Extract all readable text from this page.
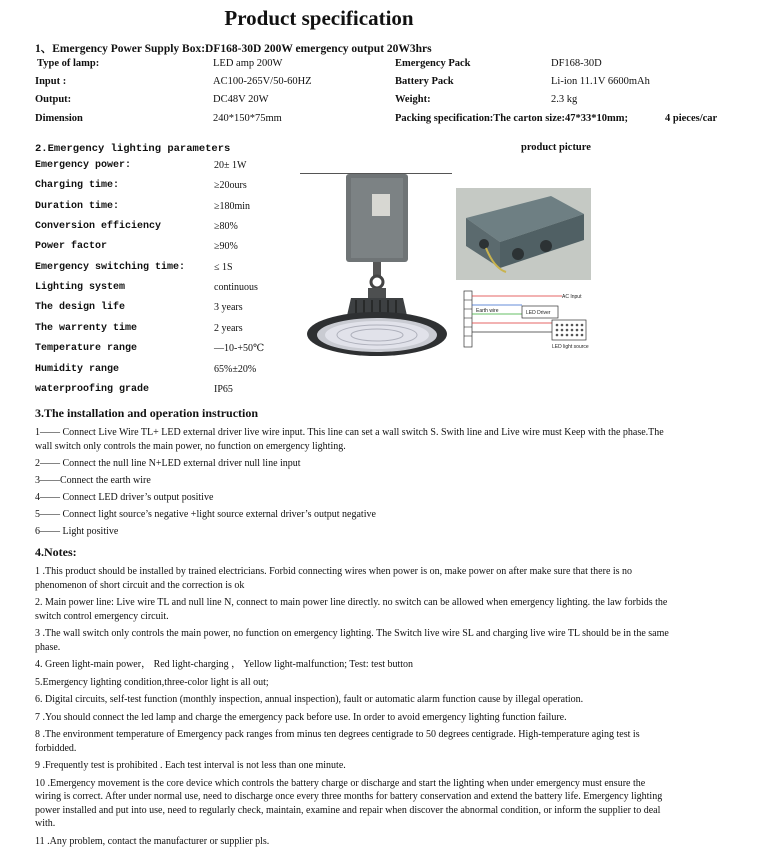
Product specification
1、Emergency Power Supply Box:DF168-30D 200W emergency output 20W3hrs
Type of lamp:	LED amp 200W	Emergency Pack	DF168-30D
Input :	AC100-265V/50-60HZ	Battery Pack	Li-ion 11.1V 6600mAh
Output:	DC48V 20W	Weight:	2.3 kg
Dimension	240*150*75mm	Packing specification:The carton size:47*33*10mm;	4 pieces/car
2.Emergency lighting parameters	product picture
Emergency power:	20± 1W
Charging time:	≥20ours
Duration time:	≥180min
Conversion efficiency	≥80%
Power factor	≥90%
Emergency switching time:	≤ 1S
Lighting system	continuous
The design life	3 years
The warrenty time	2 years
Temperature range	—10-+50℃
Humidity range	65%±20%
waterproofing grade	IP65
LED Driver
AC Input
Earth wire
LED light source
3.The installation and operation instruction
1—— Connect Live Wire TL+ LED external driver live wire input. This line can set a wall switch S. Swith line and Live wire must Keep with the phase.The wall switch only controls the main power, no function on emergency lighting.
2—— Connect the null line N+LED external driver null line input
3——Connect the earth wire
4—— Connect LED driver’s output positive
5—— Connect light source’s negative +light source external driver’s output negative
6—— Light positive
4.Notes:
1 .This product should be installed by trained electricians. Forbid connecting wires when power is on, make power on after make sure that there is no phenomenon of short circuit and the correction is ok
2. Main power line: Live wire TL and null line N, connect to main power line directly. no switch can be allowed when emergency lighting. the law forbids the switch control emergency circuit.
3 .The wall switch only controls the main power, no function on emergency lighting. The Switch live wire SL and charging live wire TL should be in the same phase.
4. Green light-main power， Red light-charging ， Yellow light-malfunction; Test: test button
5.Emergency lighting condition,three-color light is all out;
6. Digital circuits, self-test function (monthly inspection, annual inspection), fault or automatic alarm function cause by illegal operation.
7 .You should connect the led lamp and charge the emergency pack before use. In order to avoid emergency lighting function failure.
8 .The environment temperature of Emergency pack ranges from minus ten degrees centigrade to 50 degrees centigrade. High-temperature aging test is forbidded.
9 .Frequently test is prohibited . Each test interval is not less than one minute.
10 .Emergency movement is the core device which controls the battery charge or discharge and start the lighting when under emergency must ensure the wiring is correct. After under normal use, need to discharge once every three months for battery conservation and extend the battery life. Emergency lighting power installed and put into use, need to regularly check, maintain, examine and repair when discover the abnormal condition, or inform the supplier to deal with.
11 .Any problem, contact the manufacturer or supplier pls.
